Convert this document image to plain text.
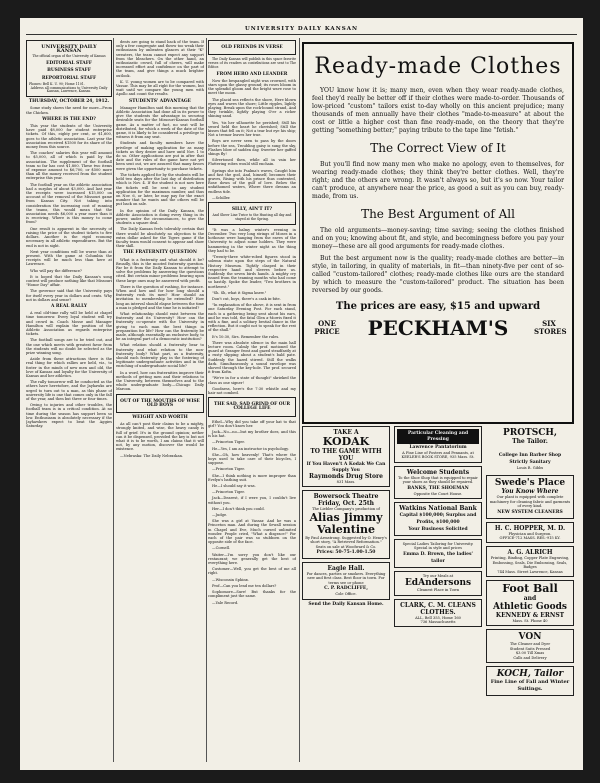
UNIVERSITY DAILY KANSAN
UNIVERSITY DAILY KANSAN
The official organ of the University of Kansas
EDITORIAL STAFF
BUSINESS STAFF
REPORTORIAL STAFF
Phones: Bell K. U. 90; Home 1101.
Address all communications to University Daily Kansan, Lawrence, Kansas.
THURSDAY, OCTOBER 24, 1912.

Some study shows the need for more—From the Chicken.

WHERE IS THE END?

This year the students of the University have paid $8,000 for student enterprise tickets. Of this, eighty per cent, or $1,600, goes to the athletic association. Last year the association received $1500 for its share of the money from this source.

The coaches' salaries this year will amount to $5,000, all of which is paid by the association. The supplement of the football team so far has cost $1,800. These two items of expense amount to $6,700, or $500 more than all the money received from the student enterprise this year.

The football year on the athletic association had a surplus of about $3,000. And last year the receipts were increased $15,000 on account of the removal of the Missouri game from Kansas City. Not taking into consideration the increasing cost of running the teams, this would mean that the association needs $6,000 a year more than it is receiving. Where is this money to come from?

One result is apparent in the necessity of raising the price of the student tickets to five dollars. Another is the rigid economy necessary in all athletic expenditures. But the end is not in sight.

Next year conditions will be worse than at present. With the game at Columbia the receipts will be much less than here at Lawrence.

Who will pay the difference?

It is hoped that the Daily Kansan's song contest will produce nothing like that Missouri "Honor Day" affair.

The governor said that the University pays for itself every year in dollars and cents. Why not in dollars and sense?

A REAL RALLY

A real old-time rally will be held at chapel time tomorrow. Every loyal student will try and crowd in. Coach Mosse and Manager Hamilton will explain the position of the Athletic Association as regards enterprise tickets.

The football songs are to be tried out, and the one which meets with greatest favor from the students will no doubt be selected as the prize winning song.

Aside from these attractions there is the real thing for which rallies are held, viz., to foster in the minds of new men and old, the love of Kansas and loyalty for the University of Kansas and her athletics.

The rally tomorrow will be conducted as the others have heretofore, and the Jayhawks are urged to turn out to a man, as this phase of university life is one that comes only in the fall of the year, and then but three or four times.

Owing to injuries and other troubles, the football team is in a critical condition. At no time during the season has support been so low. Enthusiasm is absolutely necessary if the Jayhawkers expect to beat the Aggies Saturday.

dents are going to stand back of the team. If only a few congregate and throw too weak their enthusiasm by unbeaten glances at their "K" sweaters, the team cannot expect any support from the bleachers. On the other hand, an enthusiastic crowd, full of cheers, will make increased effort and confidence on the part of the team, and give things a much brighter outlook.

K. U. young women are to be compared with Vassar. This may be all right for the women, but wait until we compare the young men with Apollo and count the results.

STUDENTS' ADVANTAGE

Manager Hamilton said this morning that the Athletic Association had done all in its power to give the students the advantage in securing desirable seats for the Missouri-Kansas football game. As a matter of fact, no seat will be distributed, for which a week of the date of the game, it is likely to be considered a privilege to witness it from any seat.

Students and faculty members have the privilege of making application for as many tickets as they desire and have until Nov. 1 to do so. Other applications are put in after that date and the rules of the game have not yet been sent out, we are assured that many favors were given the opportunity to purchase tickets.

The tickets applied for by the students will be held two days after the last day of distribution which is Nov. 4. If the student is not now here the tickets will be sent to any student application for the maximum number, and thus on Nov. 6, or later, he may pay for the exact number that he wants and the others will be put back on sale.

In the opinion of the Daily Kansan, the Athletic Association is doing every thing in its power, under the circumstances, to give the students a square deal.

The Daily Kansan feels tolerably certain that there would be absolutely no objection to the extra dollar asked for the Tigers game if the faculty team would consent to appear and show their skill.

THE FRATERNITY QUESTION

What is a fraternity and what should it be? Broadly, this is the mooted fraternity question. Far be it from the Daily Kansan to attempt to solve the problems by answering the questions cited. But certain minor problems bearing upon these large ones may be answered with profit.

There is the question of rushing, for instance. When and how and for how long should a fraternity rush its men? How should an invitation to membership be extended? How long an interval should elapse between the time a man is pledged and the time he is initiated?

What relationship should exist between the fraternity and its University? How can the fraternity co-operate with the University in giving to each man the best things in preparation for life? How can the fraternity be made, although essentially an exclusive body, to be an integral part of a democratic institution?

What relation should a fraternity bear to fraternity and what relation to the non-fraternity body? What part, as a fraternity, should each fraternity play in the fostering of legitimate undergraduate activities and in the enriching of undergraduate social life?

In a word, how can fraternities improve their methods of getting men and their relations to the University, between themselves and to the whole undergraduate body.—Chicago Daily Maroon.

OUT OF THE MOUTHS OF WISE OLD BOYS
WEIGHT AND WORTH

As all can't post their claims to be a mighty, strongly knited, and wise, the heavy candy is full of grief. It's in the ground opinion; nether can it be dispensed, provided the key is but not what it is to be worth, I am claims that it will not, by any motion, discover the would be existence.

—Nebraska: The Daily Nebraskan.

OLD FRIENDS IN VERSE

The Daily Kansan will publish in this space favorite verses of its readers as contributions are sent to The Editor.

FROM HERO AND LEANDER

Now the bespangled night was crowned, with stars upon the glassy ground; its roses bloom in the splendid gloom and the bright wave rose to meet the moon.

The placid sea reflects the shore, Here blown eyes and waves the shore; Little ripples, lightly playing, Break upon the rock-bound strand, And they twinkle, lightly playing O'er a richer shining sand.

Yes, 'tis her silhouette he perished; Still his sword held the heart he cherished; Still the kisses that fell on it; Not a tear but eye his ship; Not a tremor leaves her true.

Boys are never seen to pass by the doors before the sea, Troubling gaisy is sung the sky, Flashes blow of sadden day, Sweeter her gaffed shings fly!

Silvertoned then, while all in vain her Fluttering robes would still enchain.

Springs she into Psalma's waves, Caught him and fast the god, And, himself, becomes their graves, Rising with his prince thus contented, Rose down of the gulf of love. Below the unfathomed waters, Where there dreams an endless tide.

—Schiller.

SILLY, AIN'T IT?
And Sheer Line Twice to the Hunting all day and stayed at the Spring.

"It was a balmy winter's evening in December. Two very long strings of Moses in a hothouse were hanging from the eaves of the University to adjust some holders. They were hammering in the winter night as the thing they had to be.

"Twenty-three white-robed figures stood in solemn state upon the steps of the Natural History Museum. Tightly clasped in their respective hand and sleeves before us. Suddenly the seven birds hands. A mighty cry issued from the teaming mouths who had come so hastily. Spoke the leader, "Two brothers in northwest."

"Sh. Sh, what it Sigma knew."

Don't cut, boys, there's a cask in-bite.

"In explanation of the above, it is sent in from one Saturday Evening Post. For each stand, each is a gathering being sent about his ears, and he was told, the fatal Glen a-Morris fixed it with a fine, and a solitary bestial dance in the reflection. But it ought not to speak for the rest of the shall."

It's 10:30, Sirs. Remember the rules.

There was absolute silence in the main hall lecture room. Calmly the prof. motioned the guard at Granger front and gazed steadfastly at a rusty slipping about a student's bald pate. Suddenly the hazed stirred. Still the walks dark. Simultaneously a sound envelope was shoved through the key-hole. The prof. secured it from Kofin.

"We're in for a state of thought" shrieked the class as one signer!

Goodness, here's the 7:30 whistle and my hair not combed.

THE SAD, SAD GRIND OF OUR COLLEGE LIFE

Ethel—Why did you take off your hat to that girl? You don't know her.

Jack—No—no—but my brother does, and this is his hat.

—Princeton Tiger.

He—Yes, I am an instructor in psychology.

She—Oh, how heavenly! That's where the boys used to take care of their bicycles, I suppose.

—Princeton Tiger.

She—I think nothing is more improper than Evelyn's bathing suit.

He—I should say it was.

—Princeton Tiger.

Jack—Dearest, if I were you, I couldn't live without you.

Her—I don't think you could.

—Judge.

She was a girl at Vassar. And he was a Princeton man. And during the Sewall session in Chapel and Eve, Much cursed unlimited wonder. People cried, "What a disgrace!" For each of the pair was so stubborn on the opposite side of the face.

—Cornell.

Waiter—I'm sorry you don't like our restaurant; we generally get the best of everything here.

Customer—Well, you get the best of me all right.

—Wisconsin Sphinx.

Prof—Can you lend me ten dollars?

Sophomore—Sure! But thanks for the compliment just the same.

—Yale Record.

Ready-made Clothes

YOU know how it is; many men, even when they wear ready-made clothes, feel they'd really be better off if their clothes were made-to-order. Thousands of low-priced "custom" tailors exist to-day wholly on this ancient prejudice; many thousands of men annually have their clothes "made-to-measure" at about the cost or little a higher cost than fine ready-made, on the theory that they're getting "something better;" paying tribute to the tape line "fetish."

The Correct View of It

But you'll find now many men who make no apology, even to themselves, for wearing ready-made clothes; they think they're better clothes. Well, they're right; and the others are wrong. It wasn't always so, but it's so now. Your tailor can't produce, at anywhere near the price, as good a suit as you can buy, ready-made, from us.

The Best Argument of All

The old arguments—money-saving; time saving; seeing the clothes finished and on you; knowing about fit, and style, and becomingness before you pay your money—these are all good arguments for ready-made clothes.

But the best argument now is the quality; ready-made clothes are better—in style, in tailoring, in quality of materials, in fit—than ninety-five per cent of so-called "custom-tailored" clothes; ready-made clothes like ours are the standard by which to measure the "custom-tailored" product. The situation has been reversed by our goods.

The prices are easy, $15 and upward
ONE PRICE PECKHAM'S	SIX STORES
TAKE A
KODAK
TO THE GAME WITH YOU
If You Haven't A Kodak We Can Supply You
Raymonds Drug Store
831 Mass.
Bowersock Theatre
Friday, Oct. 25th
The Liebler Company's production of
Alias Jimmy Valentine
By Paul Armstrong. Suggested by O. Henry's short story, "A Retrieved Reformation."
Seats on sale at Woodward & Co.
Prices: 50-75-1.00-1.50
Eagle Hall.
For dances, parties or smokers. Everything new and first class. Best floor in town. For terms see or phone
C. P. RADCLIFFE,
Cole Office.
Send the Daily Kansan Home.
Particular Cleaning and Pressing
Lawrence Pantatorium
A Fine Line of Posters and Pennants, at
KEELER'S BOOK STORE, 935 Mass. St.
Welcome Students
To the Shoe Shop that is equipped to repair your shoes as they should be repaired.
BANKS, THE SHOEMAN
Opposite the Court House.
Watkins National Bank
Capital $100,000; Surplus and Profits, $100,000
Your Business Solicited
Special Ladies Tailoring for University. Special in style and prices
Emma D. Brown, the ladies' tailor
Try our Meals at
EdAndersons
Cleanest Place in Town
CLARK, C. M. CLEANS CLOTHES.
ALL, Bell 355, Home 160
736 Massachusetts
PROTSCH,
The Tailor.
College Inn Barber Shop
Strictly Sanitary
Louis R. Gibbs
Swede's Place
You Know Where
Our plant is equipped with complete machinery for cleaning fabric and garments of every kind.
NEW SYSTEM CLEANERS
H. C. HOPPER, M. D.
Physician and Surgeon.
OFFICE-712 MASS. RES.-915 KY.
A. G. ALRICH
Printing, Binding, Copper Plate Engraving, Embossing, Seals, Die Embossing, Seals, Badges
744 Mass. Street Lawrence, Kansas
Foot Ball
and
Athletic Goods
KENNEDY & ERNST
Mass. St. Phone 40
VON
The Cleaner and Dyer
Student Suits Pressed
$3.00 Till Xmas
Calls and Delivery
KOCH, Tailor
Fine Line of Fall and Winter Suitings.
